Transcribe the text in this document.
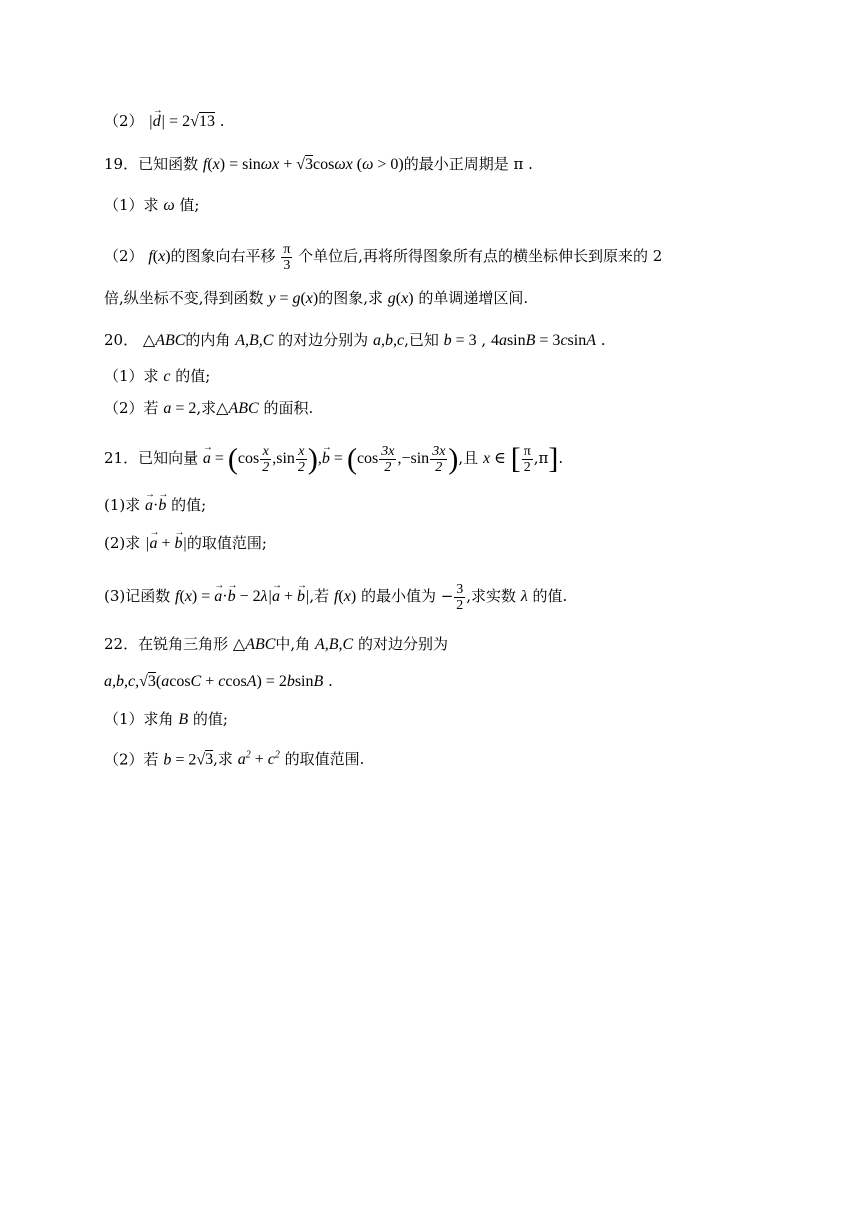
（2） |→ d| = 2√13 .
19．已知函数 f(x) = sinωx + √3cosωx (ω > 0)的最小正周期是 π .
（1）求 ω 值;
（2） f(x)的图象向右平移 $\frac{\pi}{3}$ 个单位后,再将所得图象所有点的横坐标伸长到原来的 2
倍,纵坐标不变,得到函数 y = g(x)的图象,求 g(x) 的单调递增区间.
20． △ABC的内角 A,B,C 的对边分别为 a,b,c,已知 b = 3 , 4asinB = 3csinA .
（1）求 c 的值;
（2）若 a = 2,求△ABC 的面积.
21．已知向量 → $a = (\cos \frac{x}{2} ,\sin \frac{x}{2}$ ),→ $b = (\cos \frac{3x}{2} ,-\sin \frac{3x}{2}$ ),且 x ∈ [ $\frac{\pi}{2} ,\pi$].
(1)求 → a·→ b 的值;
(2)求 |→ a + → b|的取值范围;
(3)记函数 f(x) = → a·→ b − 2λ|→ a + → b|,若 f(x) 的最小值为 − $\frac{3}{2}$ ,求实数 λ 的值.
22．在锐角三角形 △ABC中,角 A,B,C 的对边分别为
a,b,c,√3(acosC + ccosA) = 2bsinB .
（1）求角 B 的值;
（2）若 b = 2√3,求 $a^2 + c^2$ 的取值范围.
